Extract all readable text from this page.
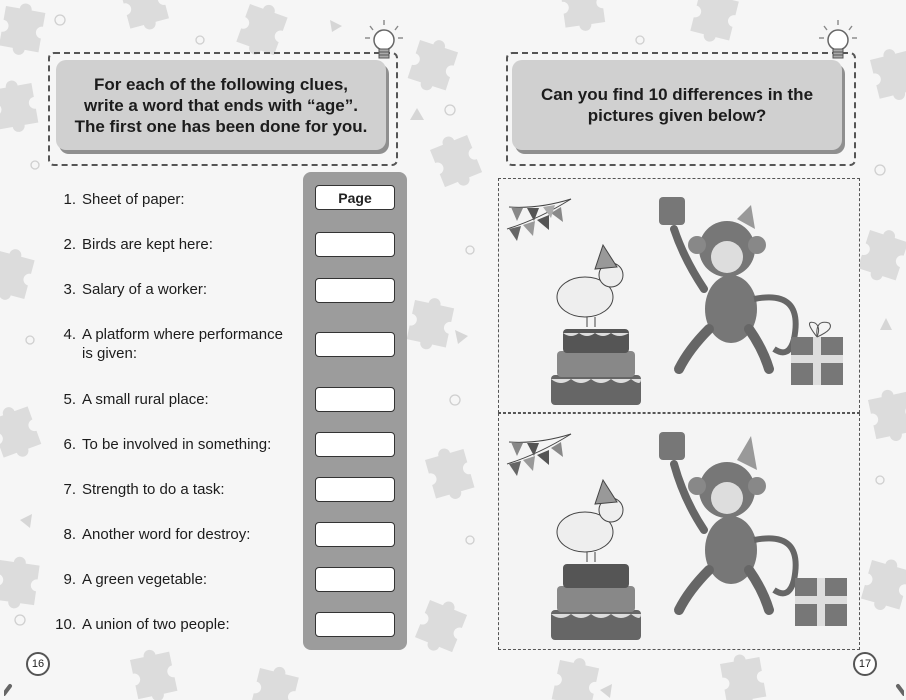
For each of the following clues,
write a word that ends with “age”.
The first one has been done for you.
1. Sheet of paper:	Page
2. Birds are kept here:
3. Salary of a worker:
4. A platform where performance
is given:
5. A small rural place:
6. To be involved in something:
7. Strength to do a task:
8. Another word for destroy:
9. A green vegetable:
10. A union of two people:
16
Can you find 10 differences in the
pictures given below?
17
